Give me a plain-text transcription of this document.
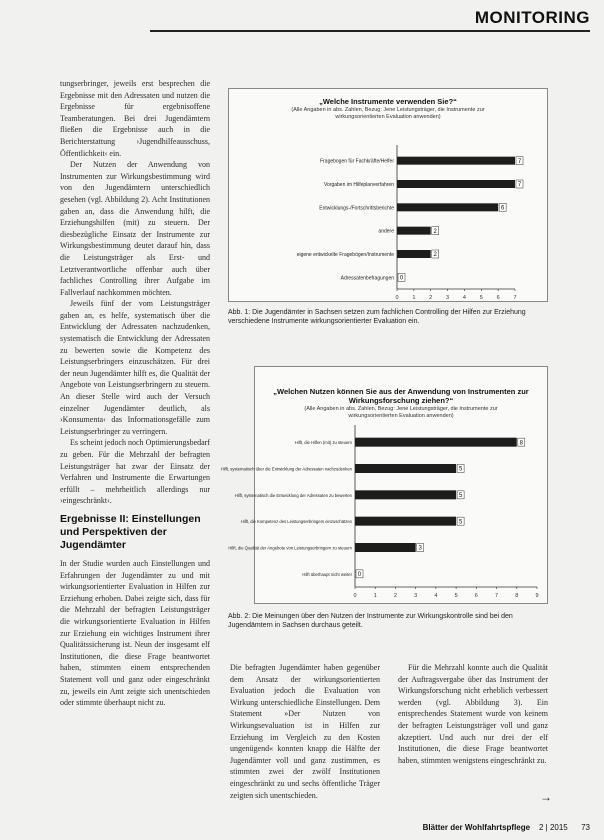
MONITORING

tungserbringer, jeweils erst besprechen die Ergebnisse mit den Adressaten und nutzen die Ergebnisse für ergebnisoffene Teamberatungen. Bei drei Jugendämtern fließen die Ergebnisse auch in die Berichterstattung ›Jugendhilfeausschuss, Öffentlichkeit‹ ein.

Der Nutzen der Anwendung von Instrumenten zur Wirkungsbestimmung wird von den Jugendämtern unterschiedlich gesehen (vgl. Abbildung 2). Acht Institutionen gaben an, dass die Anwendung hilft, die Erziehungshilfen (mit) zu steuern. Der diesbezügliche Einsatz der Instrumente zur Wirkungsbestimmung deutet darauf hin, dass die Leistungsträger als Erst- und Letztverantwortliche offenbar auch über fachliches Controlling ihrer Aufgabe im Fallverlauf nachkommen möchten.

Jeweils fünf der vom Leistungsträger gaben an, es helfe, systematisch über die Entwicklung der Adressaten nachzudenken, systematisch die Entwicklung der Adressaten zu bewerten sowie die Kompetenz des Leistungserbringers einzuschätzen. Für drei der neun Jugendämter hilft es, die Qualität der Angebote von Leistungserbringern zu steuern. An dieser Stelle wird auch der Versuch einzelner Jugendämter deutlich, als ›Konsumenta‹ das Informationsgefälle zum Leistungserbringer zu verringern.

Es scheint jedoch noch Optimierungsbedarf zu geben. Für die Mehrzahl der befragten Leistungsträger hat zwar der Einsatz der Verfahren und Instrumente die Erwartungen erfüllt – mehrheitlich allerdings nur ›eingeschränkt‹.

Ergebnisse II: Einstellungen und Perspektiven der Jugendämter

In der Studie wurden auch Einstellungen und Erfahrungen der Jugendämter zu und mit wirkungsorientierter Evaluation in Hilfen zur Erziehung erhoben. Dabei zeigte sich, dass für die Mehrzahl der befragten Leistungsträger die wirkungsorientierte Evaluation in Hilfen zur Erziehung ein wichtiges Instrument ihrer Qualitätssicherung ist. Neun der insgesamt elf Institutionen, die diese Frage beantwortet haben, stimmten einem entsprechenden Statement voll und ganz oder eingeschränkt zu, jeweils ein Amt zeigte sich unentschieden oder stimmte überhaupt nicht zu.

„Welche Instrumente verwenden Sie?“
(Alle Angaben in abs. Zahlen, Bezug: Jene Leistungsträger, die Instrumente zur wirkungsorientierten Evaluation anwenden)
0	1	2	3	4	5	6	7
Fragebogen für Fachkräfte/Helfer	7
Vorgaben im Hilfeplanverfahren	7
Entwicklungs-/Fortschrittsberichte	6
andere	2
eigene entwickelte Fragebögen/Instrumente	2
Adressatenbefragungen 0
Abb. 1: Die Jugendämter in Sachsen setzen zum fachlichen Controlling der Hilfen zur Erziehung verschiedene Instrumente wirkungsorientierter Evaluation ein.
„Welchen Nutzen können Sie aus der Anwendung von Instrumenten zur Wirkungsforschung ziehen?“
(Alle Angaben in abs. Zahlen, Bezug: Jene Leistungsträger, die Instrumente zur wirkungsorientierten Evaluation anwenden)
0	1	2	3	4	5	6	7	8	9
Hilft, die Hilfen (mit) zu steuern	8
Hilft, systematisch über die Entwicklung der Adressaten nachzudenken	5
Hilft, systematisch die Entwicklung der Adressaten zu bewerten	5
Hilft, die Kompetenz des Leistungserbringers einzuschätzen	5
Hilft, die Qualität der Angebote von Leistungserbringern zu steuern	3
Hilft überhaupt nicht weiter 0
Abb. 2: Die Meinungen über den Nutzen der Instrumente zur Wirkungskontrolle sind bei den Jugendämtern in Sachsen durchaus geteilt.

Die befragten Jugendämter haben gegenüber dem Ansatz der wirkungsorientierten Evaluation jedoch die Evaluation von Wirkung unterschiedliche Einstellungen. Dem Statement »Der Nutzen von Wirkungsevaluation ist in Hilfen zur Erziehung im Vergleich zu den Kosten ungenügend« konnten knapp die Hälfte der Jugendämter voll und ganz zustimmen, es stimmten zwei der zwölf Institutionen eingeschränkt zu und sechs öffentliche Träger zeigten sich unentschieden.

Für die Mehrzahl konnte auch die Qualität der Auftragsvergabe über das Instrument der Wirkungsforschung nicht erheblich verbessert werden (vgl. Abbildung 3). Ein entsprechendes Statement wurde von keinem der befragten Leistungsträger voll und ganz akzeptiert. Und auch nur drei der elf Institutionen, die diese Frage beantwortet haben, stimmten wenigstens eingeschränkt zu.

→
Blätter der Wohlfahrtspflege 2 | 2015 73
